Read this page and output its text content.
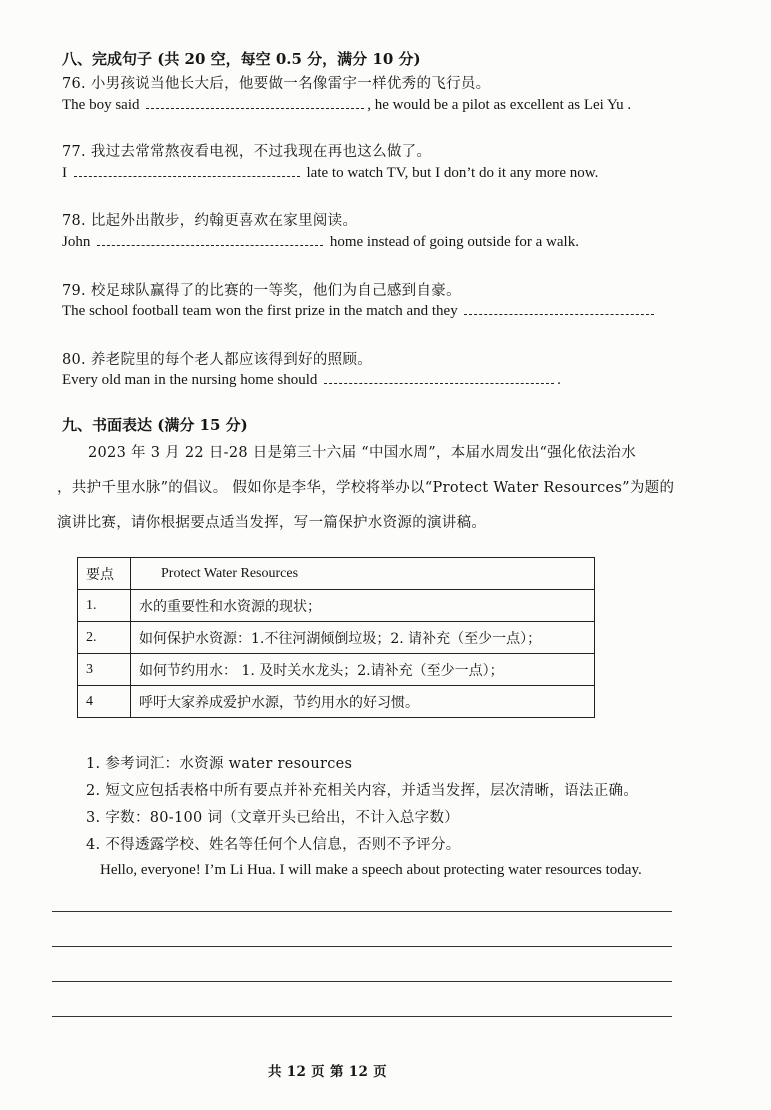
八、完成句子 (共 20 空，每空 0.5 分，满分 10 分)
76. 小男孩说当他长大后，他要做一名像雷宇一样优秀的飞行员。
The boy said	, he would be a pilot as excellent as Lei Yu .
77. 我过去常常熬夜看电视，不过我现在再也这么做了。
I	late to watch TV, but I don’t do it any more now.
78. 比起外出散步，约翰更喜欢在家里阅读。
John	home instead of going outside for a walk.
79. 校足球队赢得了的比赛的一等奖，他们为自己感到自豪。
The school football team won the first prize in the match and they
80. 养老院里的每个老人都应该得到好的照顾。
Every old man in the nursing home should	.
九、书面表达 (满分 15 分)
2023 年 3 月 22 日-28 日是第三十六届 “中国水周”，本届水周发出“强化依法治水
，共护千里水脉”的倡议。 假如你是李华，学校将举办以“Protect Water Resources”为题的
演讲比赛，请你根据要点适当发挥，写一篇保护水资源的演讲稿。
要点	Protect Water Resources
1.	水的重要性和水资源的现状；
2.	如何保护水资源：1.不往河湖倾倒垃圾；2. 请补充（至少一点）；
3	如何节约用水： 1. 及时关水龙头；2.请补充（至少一点）；
4	呼吁大家养成爱护水源，节约用水的好习惯。
1. 参考词汇：水资源 water resources
2. 短文应包括表格中所有要点并补充相关内容，并适当发挥，层次清晰，语法正确。
3. 字数：80-100 词（文章开头已给出，不计入总字数）
4. 不得透露学校、姓名等任何个人信息，否则不予评分。
Hello, everyone! I’m Li Hua. I will make a speech about protecting water resources today.
共 12 页 第 12 页
